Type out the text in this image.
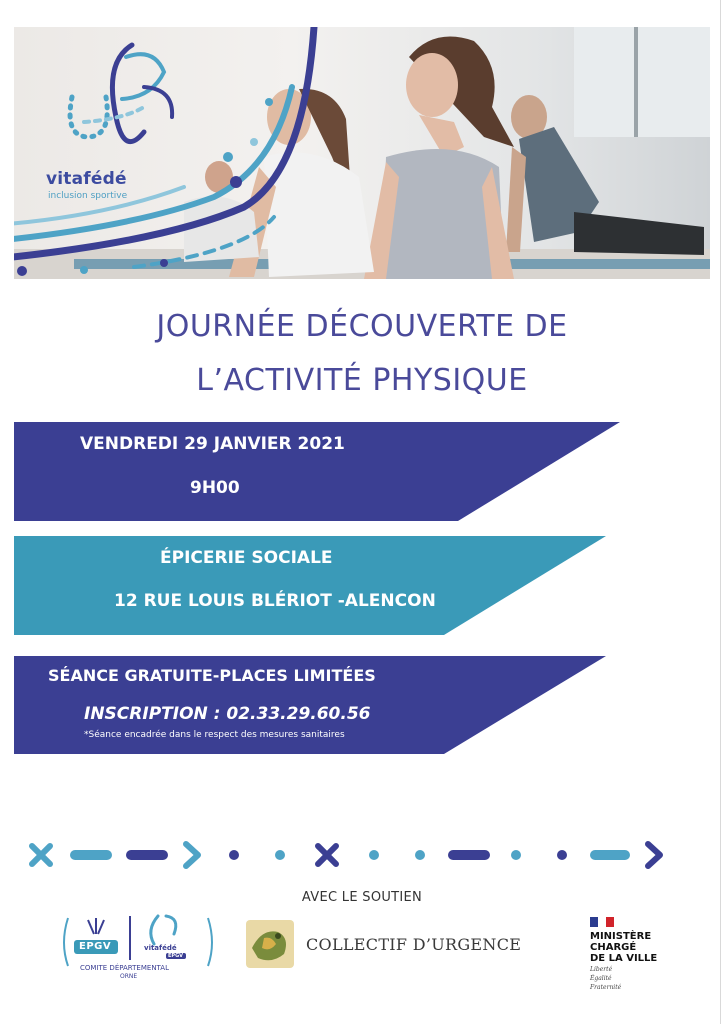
vitafédé
inclusion sportive
JOURNÉE DÉCOUVERTE DE
L’ACTIVITÉ PHYSIQUE
VENDREDI 29 JANVIER 2021
9H00
ÉPICERIE SOCIALE
12 RUE LOUIS BLÉRIOT -ALENCON
SÉANCE GRATUITE-PLACES LIMITÉES
INSCRIPTION : 02.33.29.60.56
*Séance encadrée dans le respect des mesures sanitaires
AVEC LE SOUTIEN
EPGV	vitafédé
EPGV
COMITE DÉPARTEMENTAL
ORNE
COLLECTIF D’URGENCE	MINISTÈRE
CHARGÉ
DE LA VILLE
Liberté
Égalité
Fraternité
